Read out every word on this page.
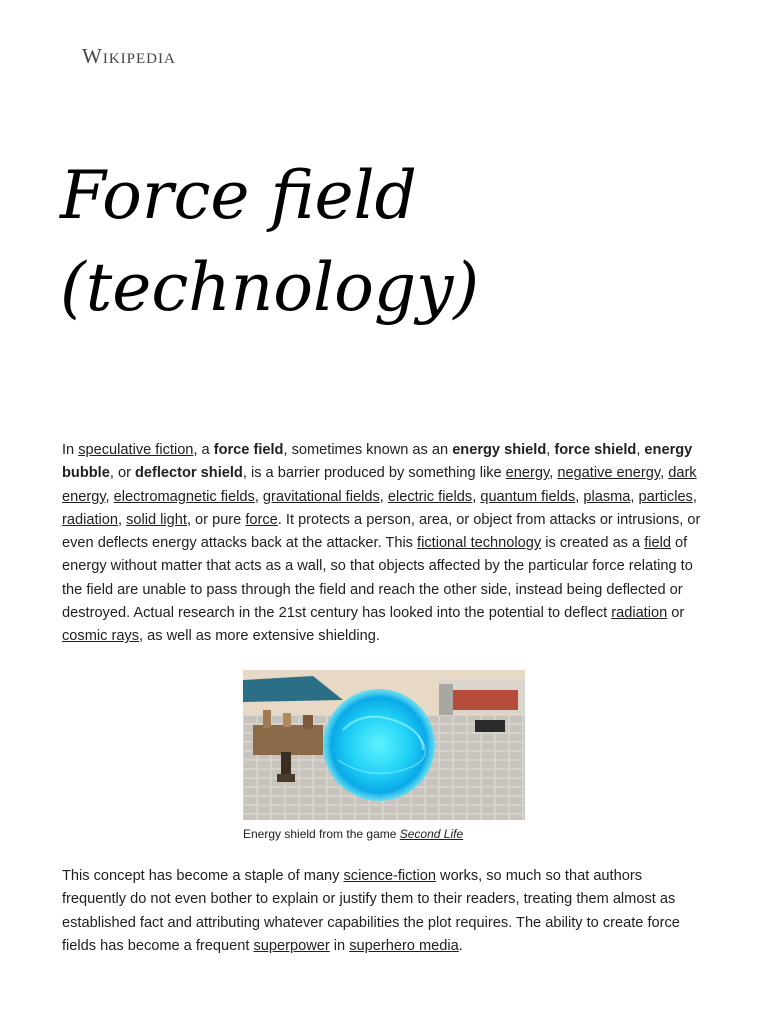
Wikipedia
Force field (technology)

In speculative fiction, a force field, sometimes known as an energy shield, force shield, energy bubble, or deflector shield, is a barrier produced by something like energy, negative energy, dark energy, electromagnetic fields, gravitational fields, electric fields, quantum fields, plasma, particles, radiation, solid light, or pure force. It protects a person, area, or object from attacks or intrusions, or even deflects energy attacks back at the attacker. This fictional technology is created as a field of energy without matter that acts as a wall, so that objects affected by the particular force relating to the field are unable to pass through the field and reach the other side, instead being deflected or destroyed. Actual research in the 21st century has looked into the potential to deflect radiation or cosmic rays, as well as more extensive shielding.

Energy shield from the game Second Life

This concept has become a staple of many science-fiction works, so much so that authors frequently do not even bother to explain or justify them to their readers, treating them almost as established fact and attributing whatever capabilities the plot requires. The ability to create force fields has become a frequent superpower in superhero media.
